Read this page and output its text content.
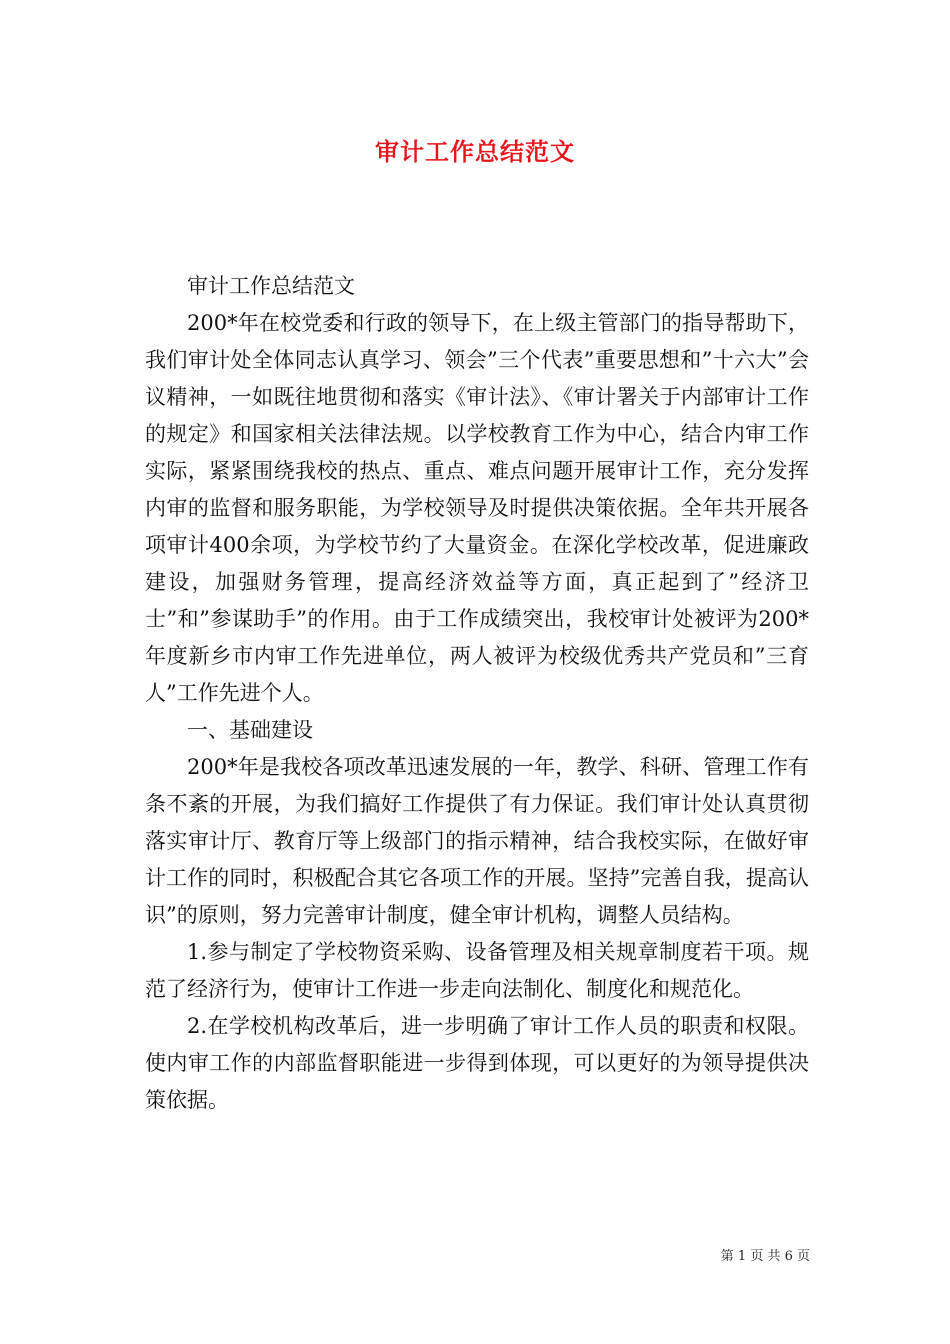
审计工作总结范文

审计工作总结范文

200*年在校党委和行政的领导下，在上级主管部门的指导帮助下，我们审计处全体同志认真学习、领会”三个代表”重要思想和”十六大”会议精神，一如既往地贯彻和落实《审计法》、《审计署关于内部审计工作的规定》和国家相关法律法规。以学校教育工作为中心，结合内审工作实际，紧紧围绕我校的热点、重点、难点问题开展审计工作，充分发挥内审的监督和服务职能，为学校领导及时提供决策依据。全年共开展各项审计400余项，为学校节约了大量资金。在深化学校改革，促进廉政建设，加强财务管理，提高经济效益等方面，真正起到了”经济卫士”和”参谋助手”的作用。由于工作成绩突出，我校审计处被评为200*年度新乡市内审工作先进单位，两人被评为校级优秀共产党员和”三育人”工作先进个人。

一、基础建设

200*年是我校各项改革迅速发展的一年，教学、科研、管理工作有条不紊的开展，为我们搞好工作提供了有力保证。我们审计处认真贯彻落实审计厅、教育厅等上级部门的指示精神，结合我校实际，在做好审计工作的同时，积极配合其它各项工作的开展。坚持”完善自我，提高认识”的原则，努力完善审计制度，健全审计机构，调整人员结构。

1.参与制定了学校物资采购、设备管理及相关规章制度若干项。规范了经济行为，使审计工作进一步走向法制化、制度化和规范化。

2.在学校机构改革后，进一步明确了审计工作人员的职责和权限。使内审工作的内部监督职能进一步得到体现，可以更好的为领导提供决策依据。

第 1 页 共 6 页
